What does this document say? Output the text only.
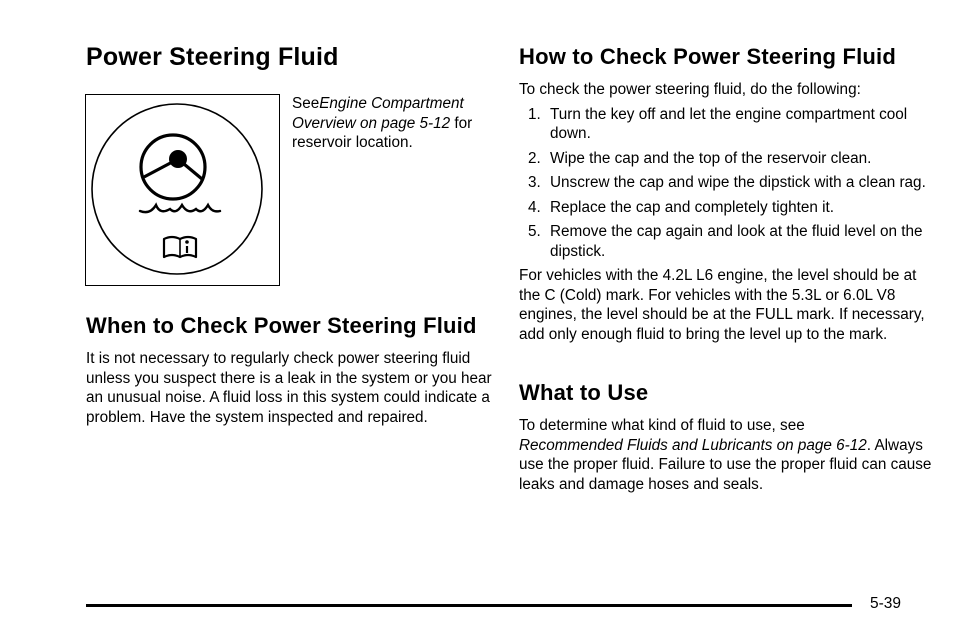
Power Steering Fluid

SeeEngine Compartment Overview on page 5-12 for reservoir location.

When to Check Power Steering Fluid

It is not necessary to regularly check power steering fluid unless you suspect there is a leak in the system or you hear an unusual noise. A fluid loss in this system could indicate a problem. Have the system inspected and repaired.

How to Check Power Steering Fluid

To check the power steering fluid, do the following:

1. Turn the key off and let the engine compartment cool down.
2. Wipe the cap and the top of the reservoir clean.
3. Unscrew the cap and wipe the dipstick with a clean rag.
4. Replace the cap and completely tighten it.
5. Remove the cap again and look at the fluid level on the dipstick.

For vehicles with the 4.2L L6 engine, the level should be at the C (Cold) mark. For vehicles with the 5.3L or 6.0L V8 engines, the level should be at the FULL mark. If necessary, add only enough fluid to bring the level up to the mark.

What to Use

To determine what kind of fluid to use, see
Recommended Fluids and Lubricants on page 6-12. Always use the proper fluid. Failure to use the proper fluid can cause leaks and damage hoses and seals.

5-39
